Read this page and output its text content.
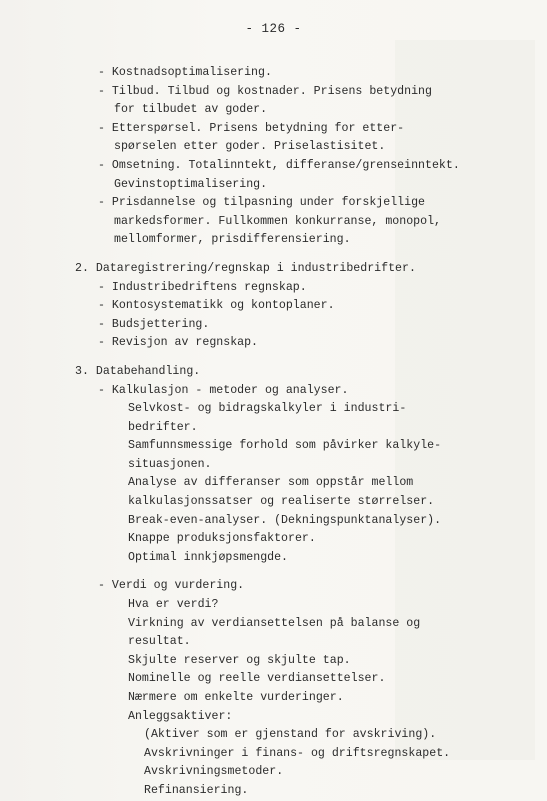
- 126 -
- Kostnadsoptimalisering.
- Tilbud. Tilbud og kostnader. Prisens betydning
for tilbudet av goder.
- Etterspørsel. Prisens betydning for etter-
spørselen etter goder. Priselastisitet.
- Omsetning. Totalinntekt, differanse/grenseinntekt.
Gevinstoptimalisering.
- Prisdannelse og tilpasning under forskjellige
markedsformer. Fullkommen konkurranse, monopol,
mellomformer, prisdifferensiering.
2. Dataregistrering/regnskap i industribedrifter.
- Industribedriftens regnskap.
- Kontosystematikk og kontoplaner.
- Budsjettering.
- Revisjon av regnskap.
3. Databehandling.
- Kalkulasjon - metoder og analyser.
Selvkost- og bidragskalkyler i industri-
bedrifter.
Samfunnsmessige forhold som påvirker kalkyle-
situasjonen.
Analyse av differanser som oppstår mellom
kalkulasjonssatser og realiserte størrelser.
Break-even-analyser. (Dekningspunktanalyser).
Knappe produksjonsfaktorer.
Optimal innkjøpsmengde.
- Verdi og vurdering.
Hva er verdi?
Virkning av verdiansettelsen på balanse og
resultat.
Skjulte reserver og skjulte tap.
Nominelle og reelle verdiansettelser.
Nærmere om enkelte vurderinger.
Anleggsaktiver:
(Aktiver som er gjenstand for avskriving).
Avskrivninger i finans- og driftsregnskapet.
Avskrivningsmetoder.
Refinansiering.
